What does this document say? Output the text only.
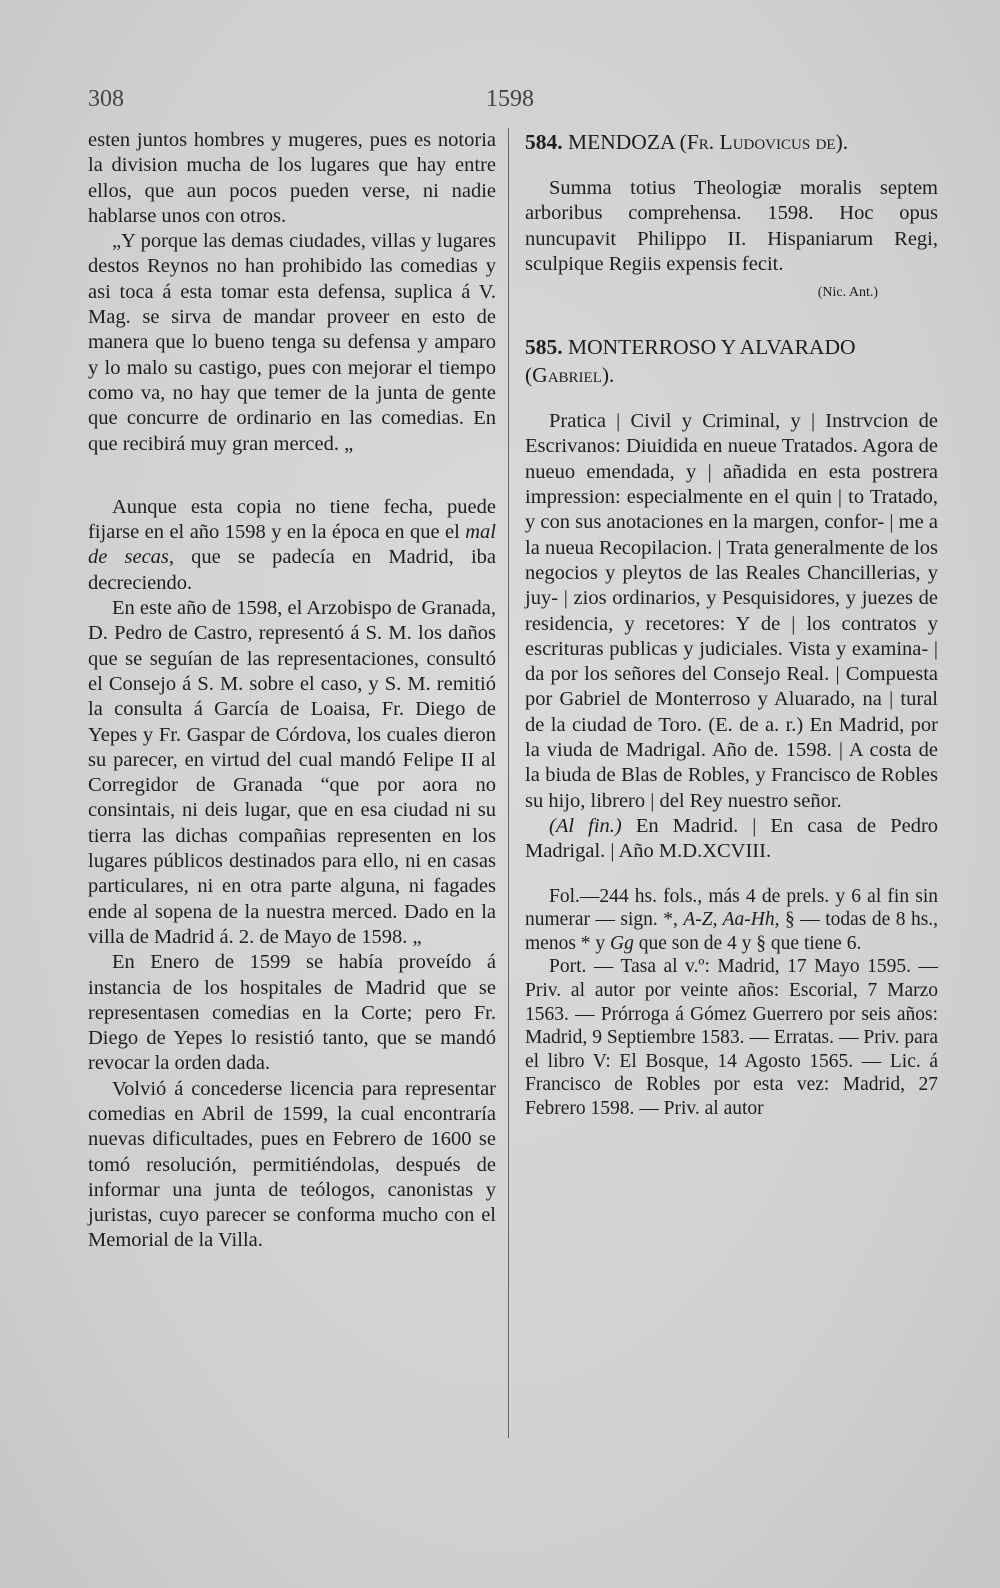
308	1598

esten juntos hombres y mugeres, pues es notoria la division mucha de los lugares que hay entre ellos, que aun pocos pueden verse, ni nadie hablarse unos con otros.

„Y porque las demas ciudades, villas y lugares destos Reynos no han prohibido las comedias y asi toca á esta tomar esta defensa, suplica á V. Mag. se sirva de mandar proveer en esto de manera que lo bueno tenga su defensa y amparo y lo malo su castigo, pues con mejorar el tiempo como va, no hay que temer de la junta de gente que concurre de ordinario en las comedias. En que recibirá muy gran merced. „

Aunque esta copia no tiene fecha, puede fijarse en el año 1598 y en la época en que el mal de secas, que se padecía en Madrid, iba decreciendo.

En este año de 1598, el Arzobispo de Granada, D. Pedro de Castro, representó á S. M. los daños que se seguían de las representaciones, consultó el Consejo á S. M. sobre el caso, y S. M. remitió la consulta á García de Loaisa, Fr. Diego de Yepes y Fr. Gaspar de Córdova, los cuales dieron su parecer, en virtud del cual mandó Felipe II al Corregidor de Granada “que por aora no consintais, ni deis lugar, que en esa ciudad ni su tierra las dichas compañias representen en los lugares públicos destinados para ello, ni en casas particulares, ni en otra parte alguna, ni fagades ende al sopena de la nuestra merced. Dado en la villa de Madrid á. 2. de Mayo de 1598. „

En Enero de 1599 se había proveído á instancia de los hospitales de Madrid que se representasen comedias en la Corte; pero Fr. Diego de Yepes lo resistió tanto, que se mandó revocar la orden dada.

Volvió á concederse licencia para representar comedias en Abril de 1599, la cual encontraría nuevas dificultades, pues en Febrero de 1600 se tomó resolución, permitiéndolas, después de informar una junta de teólogos, canonistas y juristas, cuyo parecer se conforma mucho con el Memorial de la Villa.

584. MENDOZA (Fr. Ludovicus de).

Summa totius Theologiæ moralis septem arboribus comprehensa. 1598. Hoc opus nuncupavit Philippo II. Hispaniarum Regi, sculpique Regiis expensis fecit.

(Nic. Ant.)

585. MONTERROSO Y ALVARADO (Gabriel).

Pratica | Civil y Criminal, y | Instrvcion de Escrivanos: Diuidida en nueue Tratados. Agora de nueuo emendada, y | añadida en esta postrera impression: especialmente en el quin | to Tratado, y con sus anotaciones en la margen, confor- | me a la nueua Recopilacion. | Trata generalmente de los negocios y pleytos de las Reales Chancillerias, y juy- | zios ordinarios, y Pesquisidores, y juezes de residencia, y recetores: Y de | los contratos y escrituras publicas y judiciales. Vista y examina- | da por los señores del Consejo Real. | Compuesta por Gabriel de Monterroso y Aluarado, na | tural de la ciudad de Toro. (E. de a. r.) En Madrid, por la viuda de Madrigal. Año de. 1598. | A costa de la biuda de Blas de Robles, y Francisco de Robles su hijo, librero | del Rey nuestro señor.

(Al fin.) En Madrid. | En casa de Pedro Madrigal. | Año M.D.XCVIII.

Fol.—244 hs. fols., más 4 de prels. y 6 al fin sin numerar — sign. *, A-Z, Aa-Hh, § — todas de 8 hs., menos * y Gg que son de 4 y § que tiene 6.

Port. — Tasa al v.º: Madrid, 17 Mayo 1595. — Priv. al autor por veinte años: Escorial, 7 Marzo 1563. — Prórroga á Gómez Guerrero por seis años: Madrid, 9 Septiembre 1583. — Erratas. — Priv. para el libro V: El Bosque, 14 Agosto 1565. — Lic. á Francisco de Robles por esta vez: Madrid, 27 Febrero 1598. — Priv. al autor
